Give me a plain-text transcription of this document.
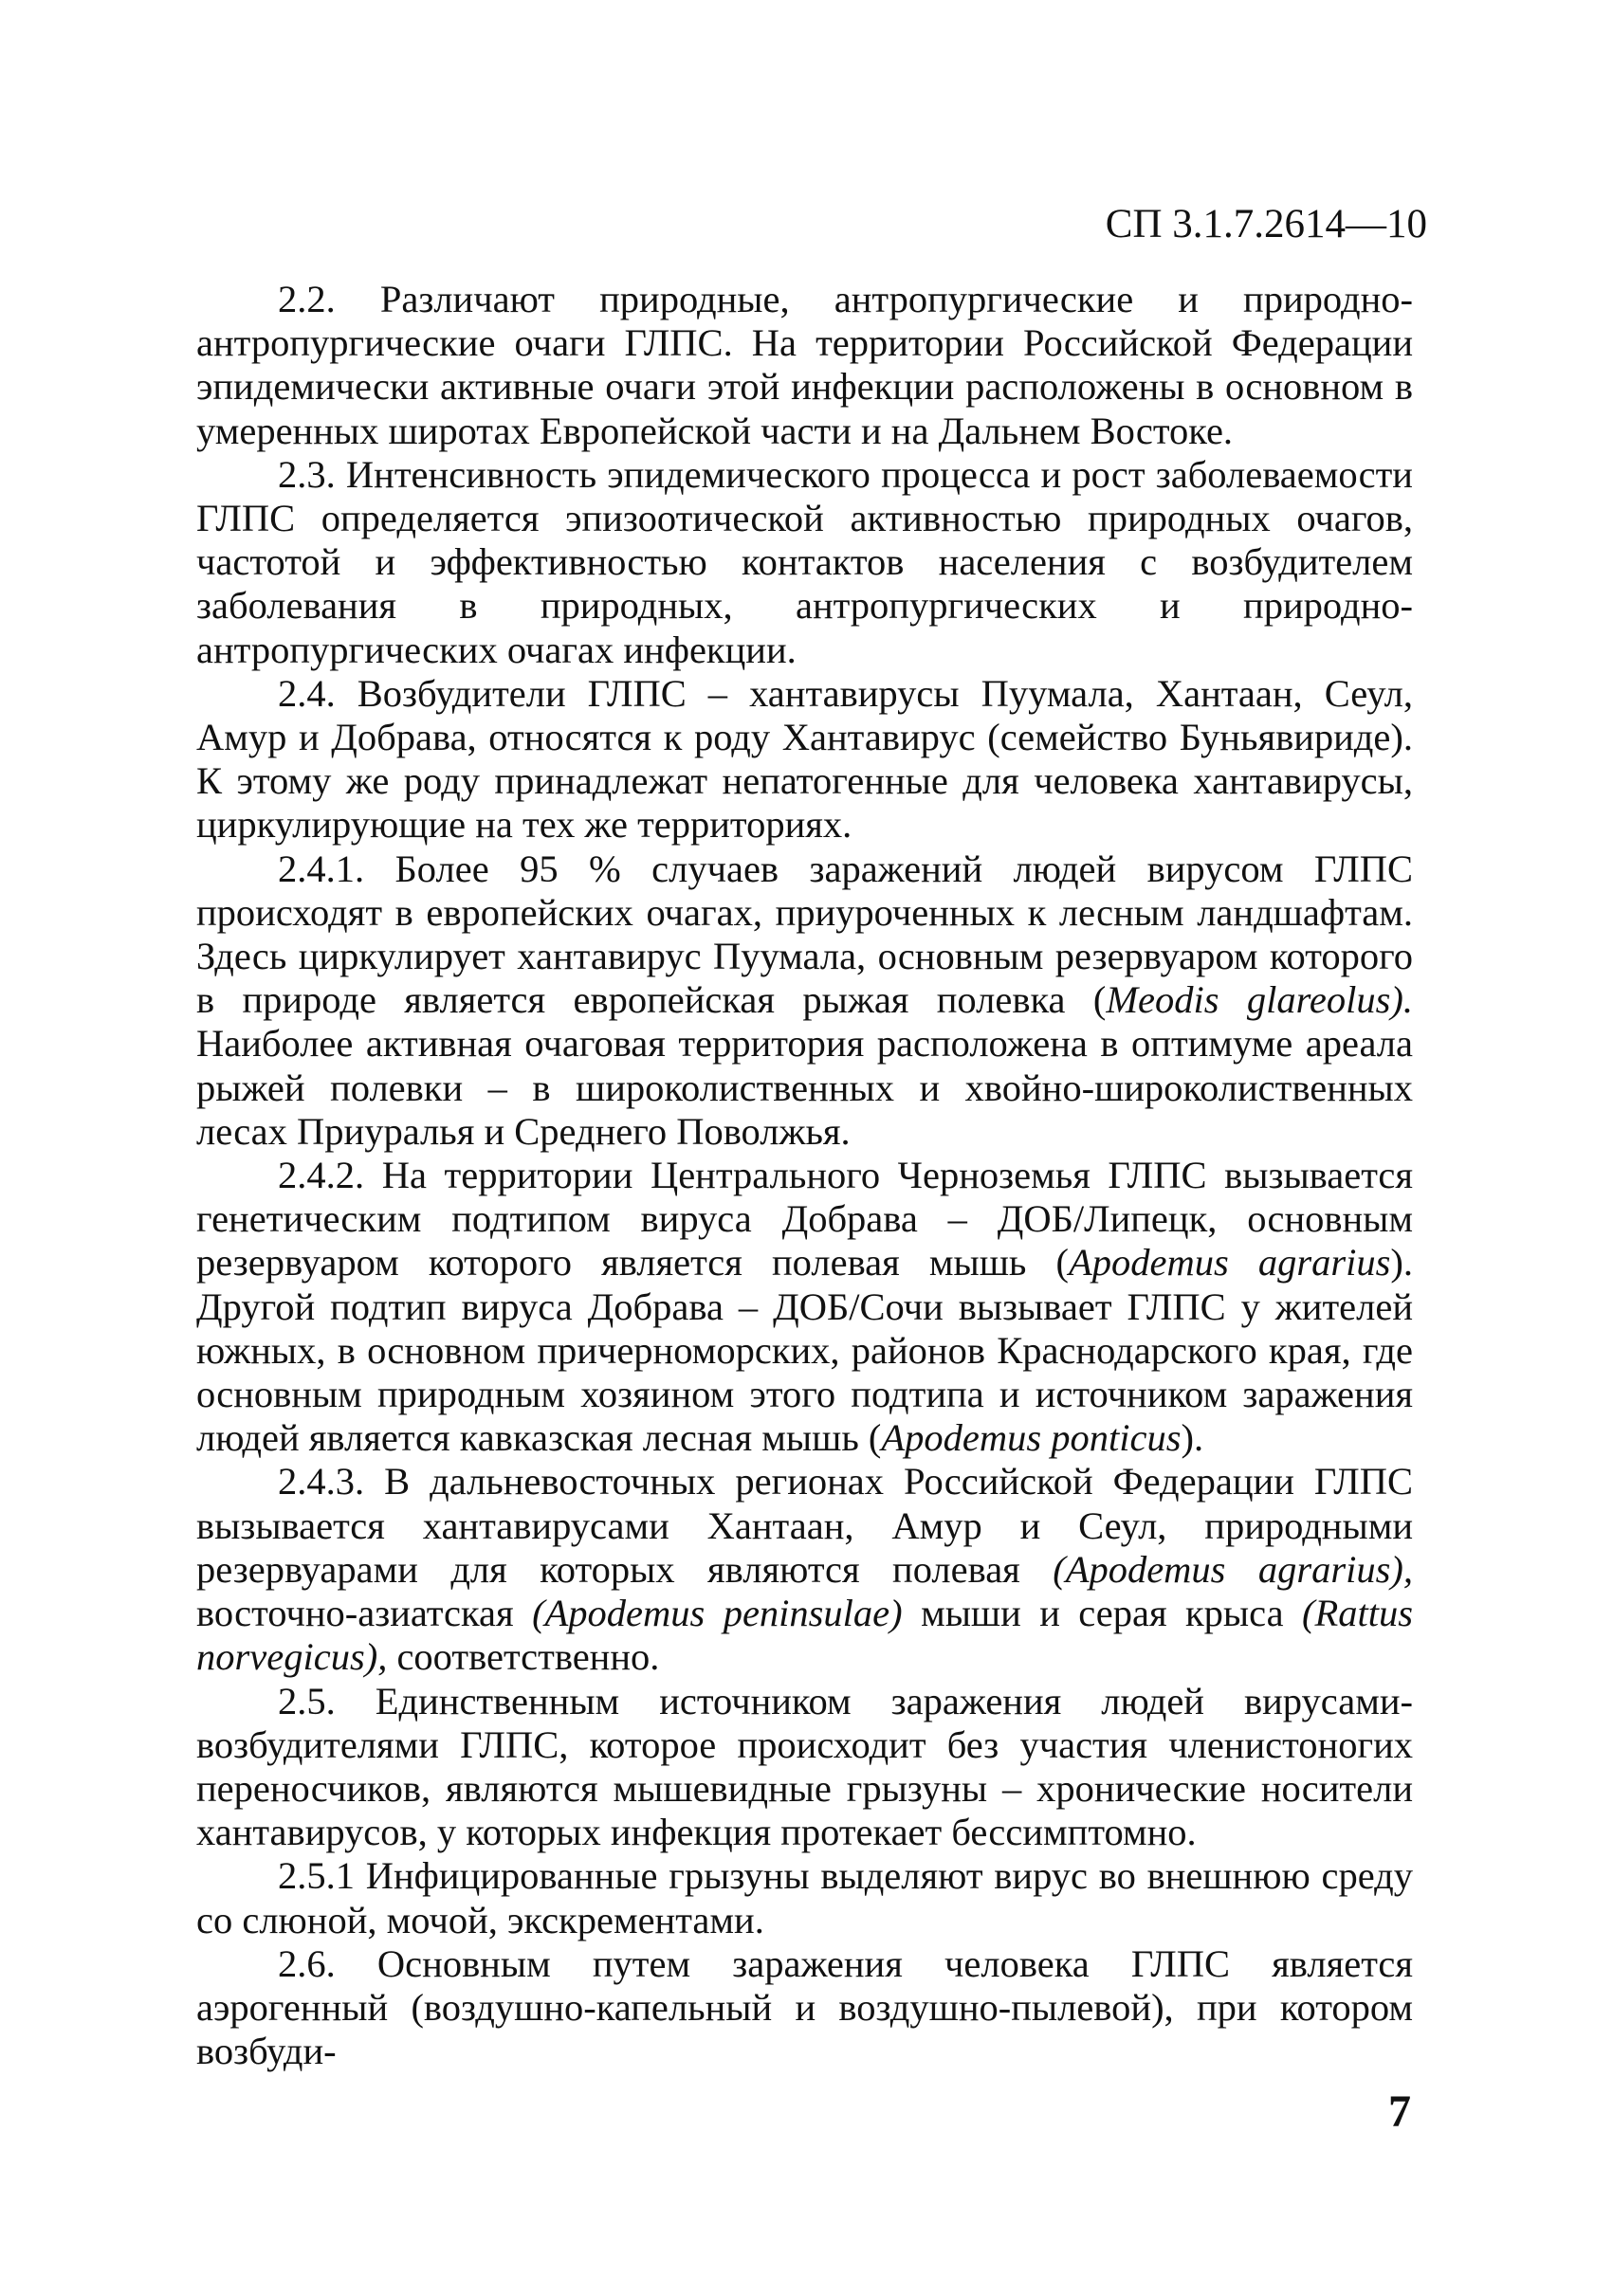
СП 3.1.7.2614—10

2.2. Различают природные, антропургические и природно-антропургические очаги ГЛПС. На территории Российской Федерации эпидемически активные очаги этой инфекции расположены в основном в умеренных широтах Европейской части и на Дальнем Востоке.

2.3. Интенсивность эпидемического процесса и рост заболеваемости ГЛПС определяется эпизоотической активностью природных очагов, частотой и эффективностью контактов населения с возбудителем заболевания в природных, антропургических и природно-антропургических очагах инфекции.

2.4. Возбудители ГЛПС – хантавирусы Пуумала, Хантаан, Сеул, Амур и Добрава, относятся к роду Хантавирус (семейство Буньявириде). К этому же роду принадлежат непатогенные для человека хантавирусы, циркулирующие на тех же территориях.

2.4.1. Более 95 % случаев заражений людей вирусом ГЛПС происходят в европейских очагах, приуроченных к лесным ландшафтам. Здесь циркулирует хантавирус Пуумала, основным резервуаром которого в природе является европейская рыжая полевка (Meodis glareolus). Наиболее активная очаговая территория расположена в оптимуме ареала рыжей полевки – в широколиственных и хвойно-широколиственных лесах Приуралья и Среднего Поволжья.

2.4.2. На территории Центрального Черноземья ГЛПС вызывается генетическим подтипом вируса Добрава – ДОБ/Липецк, основным резервуаром которого является полевая мышь (Apodemus agrarius). Другой подтип вируса Добрава – ДОБ/Сочи вызывает ГЛПС у жителей южных, в основном причерноморских, районов Краснодарского края, где основным природным хозяином этого подтипа и источником заражения людей является кавказская лесная мышь (Apodemus ponticus).

2.4.3. В дальневосточных регионах Российской Федерации ГЛПС вызывается хантавирусами Хантаан, Амур и Сеул, природными резервуарами для которых являются полевая (Apodemus agrarius), восточно-азиатская (Apodemus peninsulae) мыши и серая крыса (Rattus norvegicus), соответственно.

2.5. Единственным источником заражения людей вирусами-возбудителями ГЛПС, которое происходит без участия членистоногих переносчиков, являются мышевидные грызуны – хронические носители хантавирусов, у которых инфекция протекает бессимптомно.

2.5.1 Инфицированные грызуны выделяют вирус во внешнюю среду со слюной, мочой, экскрементами.

2.6. Основным путем заражения человека ГЛПС является аэрогенный (воздушно-капельный и воздушно-пылевой), при котором возбуди-

7
